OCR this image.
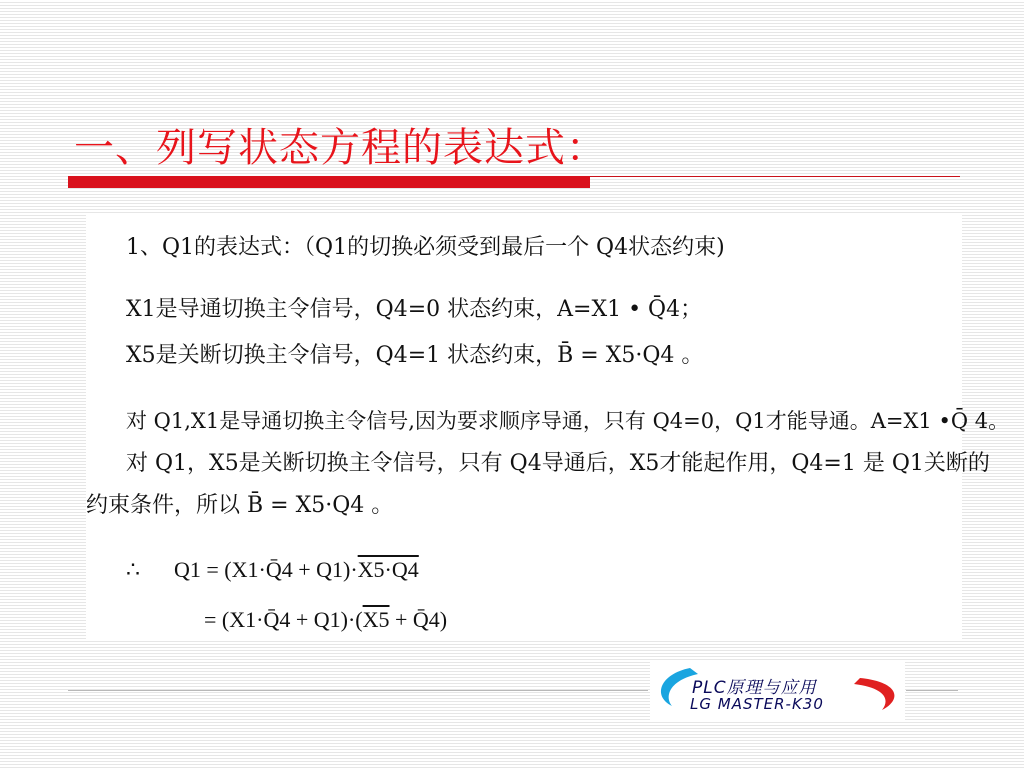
一、列写状态方程的表达式：
1、Q1的表达式：（Q1的切换必须受到最后一个 Q4状态约束)
X1是导通切换主令信号，Q4=0 状态约束，A=X1 • Q̄4；
X5是关断切换主令信号，Q4=1 状态约束，B̄ = X5·Q4 。
对 Q1,X1是导通切换主令信号,因为要求顺序导通，只有 Q4=0，Q1才能导通。A=X1 •Q̄ 4。
对 Q1，X5是关断切换主令信号，只有 Q4导通后，X5才能起作用，Q4=1 是 Q1关断的
约束条件，所以 B̄ = X5·Q4 。
∴ Q1 = (X1·Q̄4 + Q1)·X5·Q4
= (X1·Q̄4 + Q1)·(X5 + Q̄4)
PLC原理与应用
LG MASTER-K30
